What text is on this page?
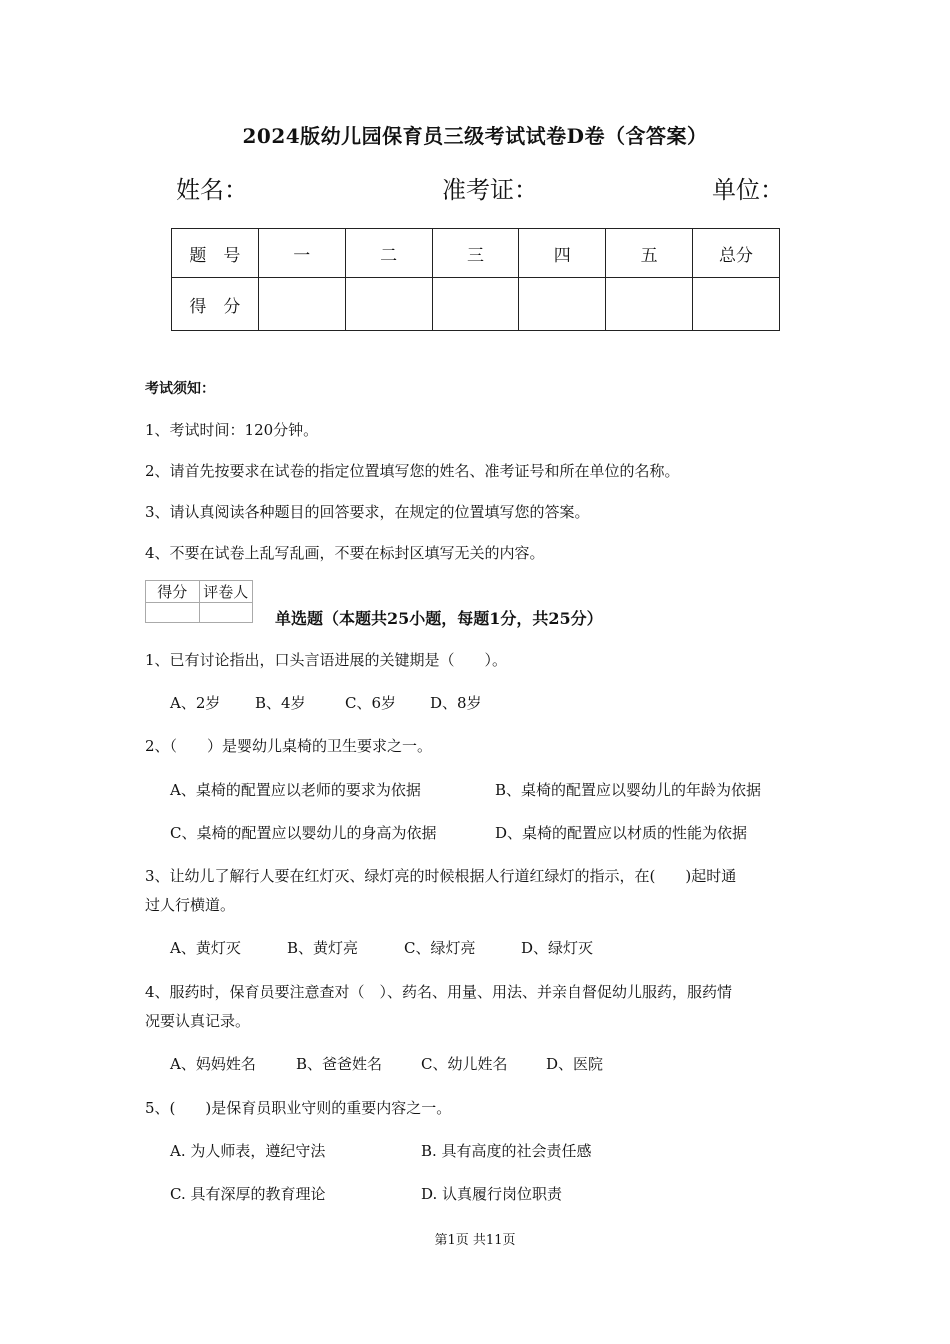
2024版幼儿园保育员三级考试试卷D卷（含答案）
姓名：	准考证：	单位：
题　号	一	二	三	四	五	总分
得　分						
考试须知：
1、考试时间：120分钟。
2、请首先按要求在试卷的指定位置填写您的姓名、准考证号和所在单位的名称。
3、请认真阅读各种题目的回答要求，在规定的位置填写您的答案。
4、不要在试卷上乱写乱画，不要在标封区填写无关的内容。
得分	评卷人

单选题（本题共25小题，每题1分，共25分）
1、已有讨论指出，口头言语进展的关键期是（　　）。
A、2岁 B、4岁	C、6岁 D、8岁
2、（　　）是婴幼儿桌椅的卫生要求之一。
A、桌椅的配置应以老师的要求为依据	B、桌椅的配置应以婴幼儿的年龄为依据
C、桌椅的配置应以婴幼儿的身高为依据	D、桌椅的配置应以材质的性能为依据
3、让幼儿了解行人要在红灯灭、绿灯亮的时候根据人行道红绿灯的指示，在(　　)起时通
过人行横道。
A、黄灯灭	B、黄灯亮	C、绿灯亮	D、绿灯灭
4、服药时，保育员要注意查对（　）、药名、用量、用法、并亲自督促幼儿服药，服药情
况要认真记录。
A、妈妈姓名	B、爸爸姓名	C、幼儿姓名	D、医院
5、(　　)是保育员职业守则的重要内容之一。
A. 为人师表，遵纪守法	B. 具有高度的社会责任感
C. 具有深厚的教育理论	D. 认真履行岗位职责
第1页 共11页
